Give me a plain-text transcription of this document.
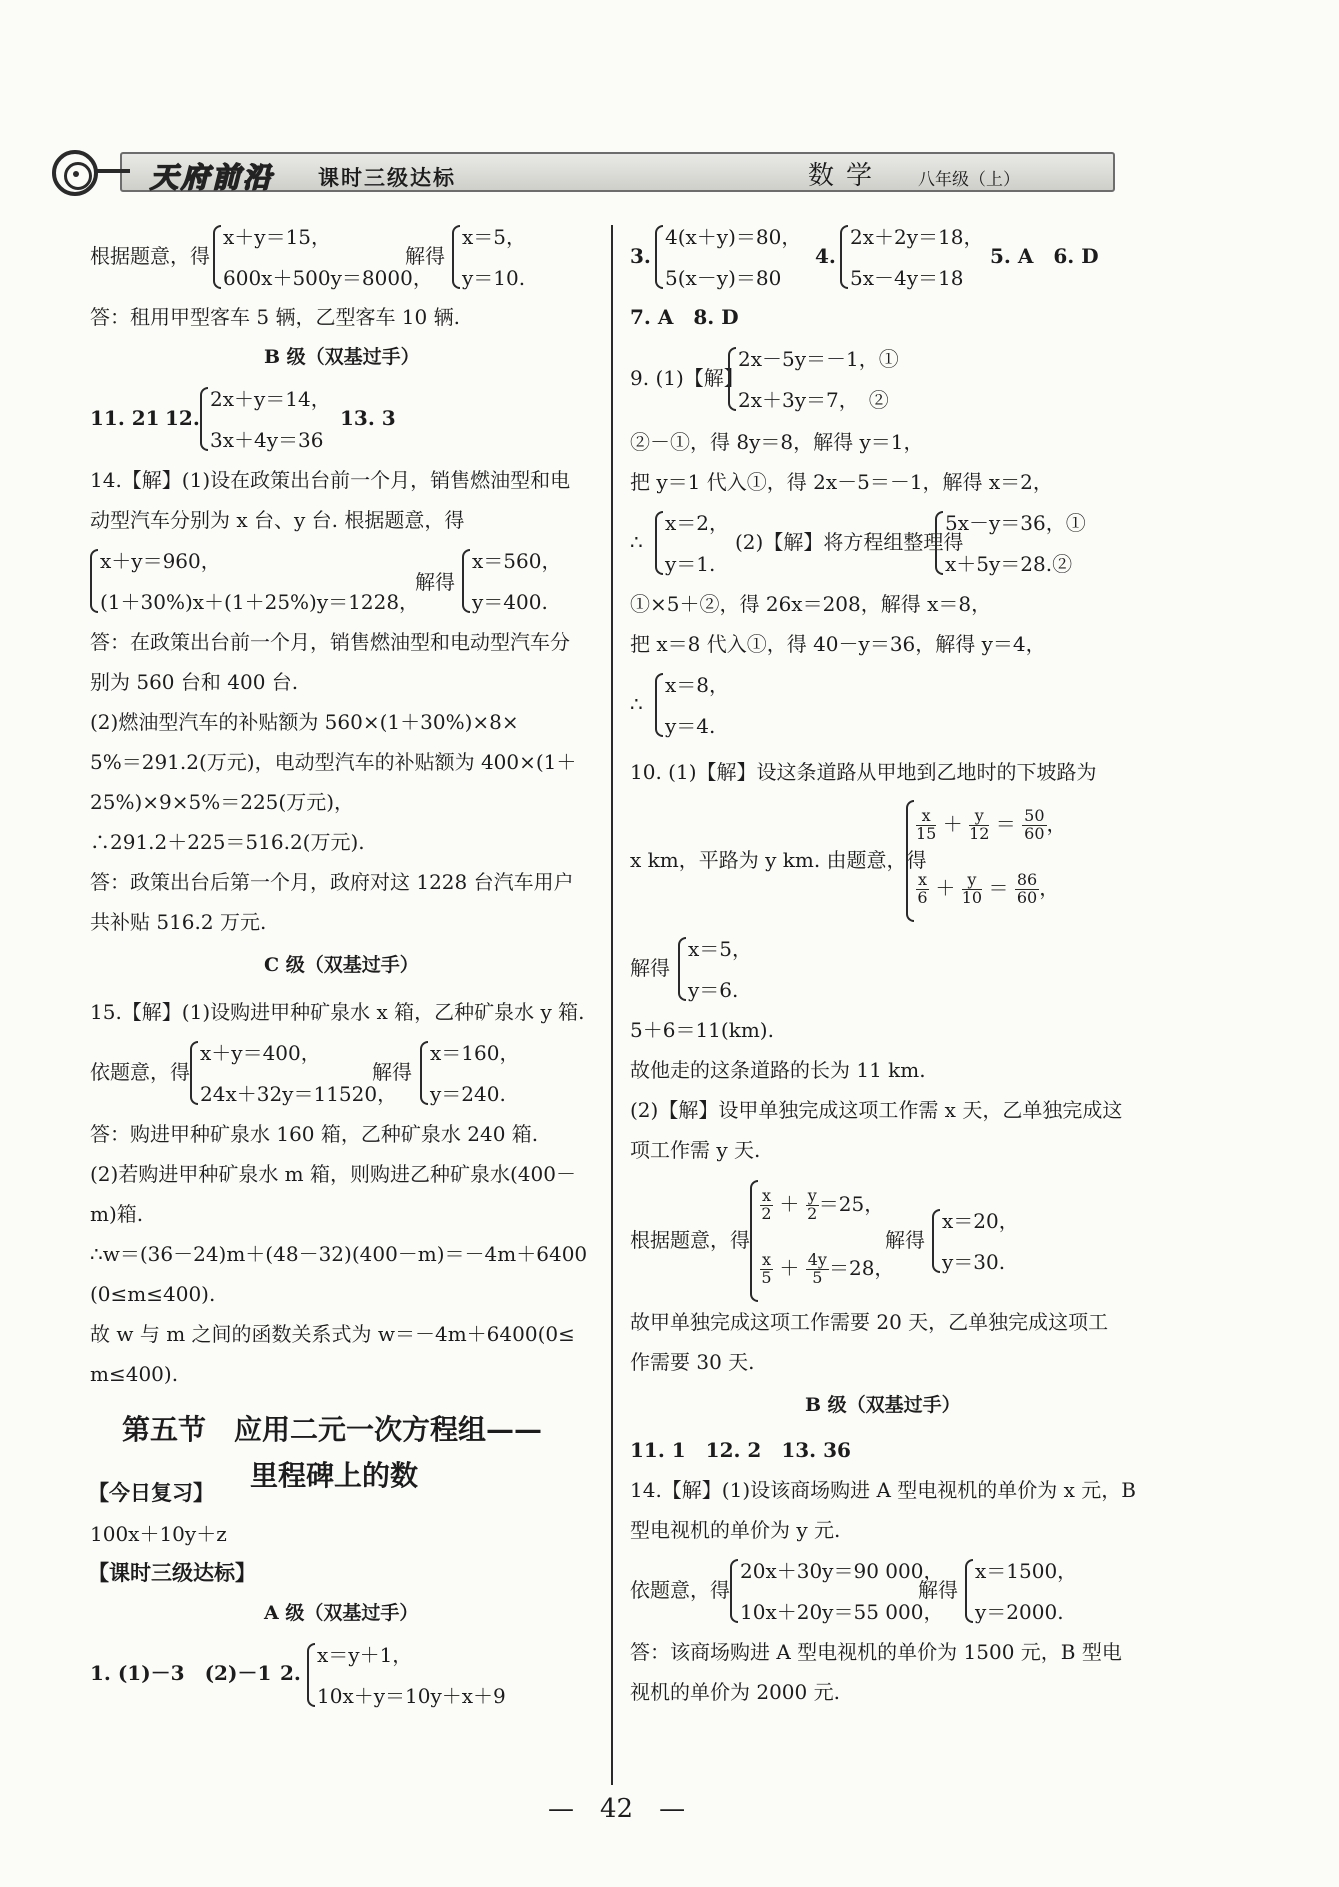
天府前沿 课时三级达标	数学 八年级（上）
根据题意，得
x＋y＝15，
600x＋500y＝8000，
解得
x＝5，
y＝10.
答：租用甲型客车 5 辆，乙型客车 10 辆.
B 级（双基过手）
11. 21 12.
2x＋y＝14，
3x＋4y＝36
13. 3
14.【解】(1)设在政策出台前一个月，销售燃油型和电
动型汽车分别为 x 台、y 台. 根据题意，得
x＋y＝960，
(1＋30%)x＋(1＋25%)y＝1228，
解得
x＝560，
y＝400.
答：在政策出台前一个月，销售燃油型和电动型汽车分
别为 560 台和 400 台.
(2)燃油型汽车的补贴额为 560×(1＋30%)×8×
5%＝291.2(万元)，电动型汽车的补贴额为 400×(1＋
25%)×9×5%＝225(万元)，
∴291.2＋225＝516.2(万元).
答：政策出台后第一个月，政府对这 1228 台汽车用户
共补贴 516.2 万元.
C 级（双基过手）
15.【解】(1)设购进甲种矿泉水 x 箱，乙种矿泉水 y 箱.
依题意，得
x＋y＝400，
24x＋32y＝11520，
解得
x＝160，
y＝240.
答：购进甲种矿泉水 160 箱，乙种矿泉水 240 箱.
(2)若购进甲种矿泉水 m 箱，则购进乙种矿泉水(400－
m)箱.
∴w＝(36－24)m＋(48－32)(400－m)＝－4m＋6400
(0≤m≤400).
故 w 与 m 之间的函数关系式为 w＝－4m＋6400(0≤
m≤400).
第五节　应用二元一次方程组——
里程碑上的数
【今日复习】
100x＋10y＋z
【课时三级达标】
A 级（双基过手）
1. (1)－3　(2)－1 2.
x＝y＋1，
10x＋y＝10y＋x＋9
3.
4(x＋y)＝80，
5(x－y)＝80
4.
2x＋2y＝18，
5x－4y＝18
5. A　6. D
7. A　8. D
9. (1)【解】
2x－5y＝－1，①
2x＋3y＝7，　②
②－①，得 8y＝8，解得 y＝1，
把 y＝1 代入①，得 2x－5＝－1，解得 x＝2，
∴
x＝2，
y＝1.
(2)【解】将方程组整理得
5x－y＝36，①
x＋5y＝28.②
①×5＋②，得 26x＝208，解得 x＝8，
把 x＝8 代入①，得 40－y＝36，解得 y＝4，
∴
x＝8，
y＝4.
10. (1)【解】设这条道路从甲地到乙地时的下坡路为
x km，平路为 y km. 由题意，得
$\frac{x}{15} + \frac{y}{12} = \frac{50}{60}$ ，
$\frac{x}{6} + \frac{y}{10} = \frac{86}{60}$ ，
解得
x＝5，
y＝6.
5＋6＝11(km).
故他走的这条道路的长为 11 km.
(2)【解】设甲单独完成这项工作需 x 天，乙单独完成这
项工作需 y 天.
根据题意，得
$\frac{x}{2} + \frac{y}{2} =25$，
$\frac{x}{5} + \frac{4y}{5} =28$，
解得
x＝20，
y＝30.
故甲单独完成这项工作需要 20 天，乙单独完成这项工
作需要 30 天.
B 级（双基过手）
11. 1　12. 2　13. 36
14.【解】(1)设该商场购进 A 型电视机的单价为 x 元，B
型电视机的单价为 y 元.
依题意，得
20x＋30y＝90 000，
10x＋20y＝55 000，
解得
x＝1500，
y＝2000.
答：该商场购进 A 型电视机的单价为 1500 元，B 型电
视机的单价为 2000 元.
—　42　—
